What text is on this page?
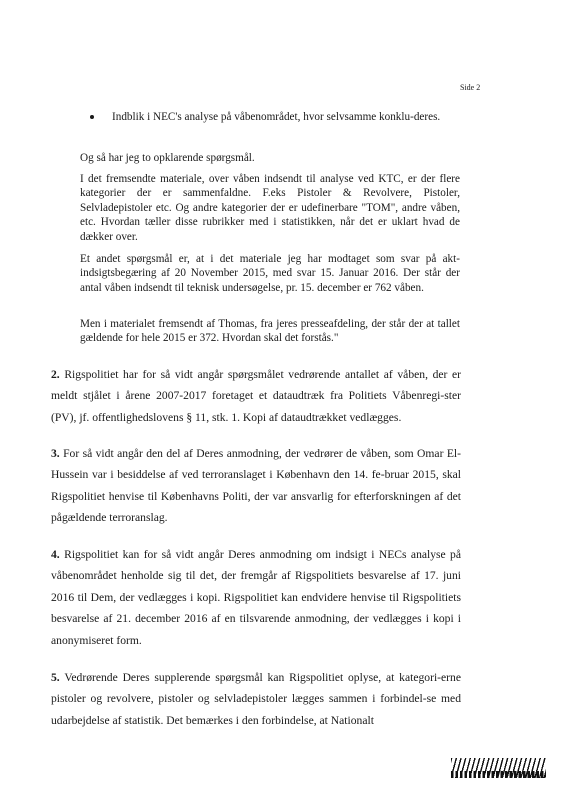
Side 2
Indblik i NEC's analyse på våbenområdet, hvor selvsamme konklu-deres.
Og så har jeg to opklarende spørgsmål.

I det fremsendte materiale, over våben indsendt til analyse ved KTC, er der flere kategorier der er sammenfaldne. F.eks Pistoler & Revolvere, Pistoler, Selvladepistoler etc. Og andre kategorier der er udefinerbare "TOM", andre våben, etc. Hvordan tæller disse rubrikker med i statistikken, når det er uklart hvad de dækker over.

Et andet spørgsmål er, at i det materiale jeg har modtaget som svar på akt-indsigtsbegæring af 20 November 2015, med svar 15. Januar 2016. Der står der antal våben indsendt til teknisk undersøgelse, pr. 15. december er 762 våben.

Men i materialet fremsendt af Thomas, fra jeres presseafdeling, der står der at tallet gældende for hele 2015 er 372. Hvordan skal det forstås."

2. Rigspolitiet har for så vidt angår spørgsmålet vedrørende antallet af våben, der er meldt stjålet i årene 2007-2017 foretaget et dataudtræk fra Politiets Våbenregi-ster (PV), jf. offentlighedslovens § 11, stk. 1. Kopi af dataudtrækket vedlægges.
3. For så vidt angår den del af Deres anmodning, der vedrører de våben, som Omar El-Hussein var i besiddelse af ved terroranslaget i København den 14. fe-bruar 2015, skal Rigspolitiet henvise til Københavns Politi, der var ansvarlig for efterforskningen af det pågældende terroranslag.
4. Rigspolitiet kan for så vidt angår Deres anmodning om indsigt i NECs analyse på våbenområdet henholde sig til det, der fremgår af Rigspolitiets besvarelse af 17. juni 2016 til Dem, der vedlægges i kopi. Rigspolitiet kan endvidere henvise til Rigspolitiets besvarelse af 21. december 2016 af en tilsvarende anmodning, der vedlægges i kopi i anonymiseret form.
5. Vedrørende Deres supplerende spørgsmål kan Rigspolitiet oplyse, at kategori-erne pistoler og revolvere, pistoler og selvladepistoler lægges sammen i forbindel-se med udarbejdelse af statistik. Det bemærkes i den forbindelse, at Nationalt
